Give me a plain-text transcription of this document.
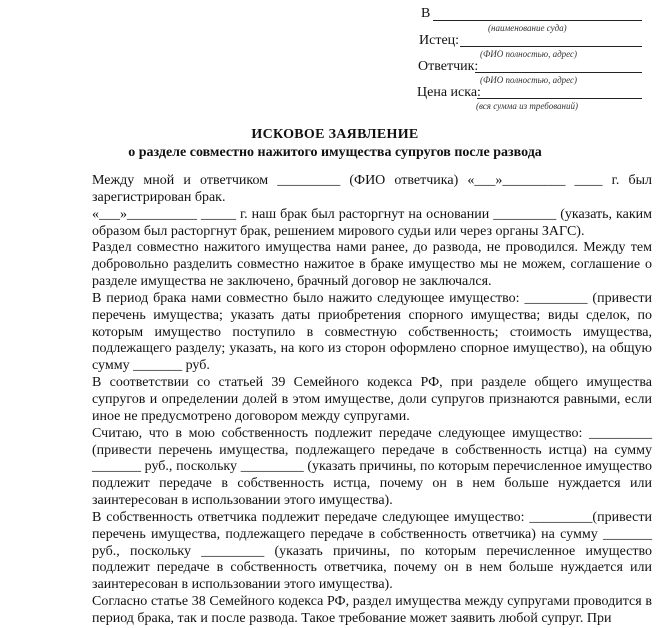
В
(наименование суда)
Истец:
(ФИО полностью, адрес)
Ответчик:
(ФИО полностью, адрес)
Цена иска:
(вся сумма из требований)
ИСКОВОЕ ЗАЯВЛЕНИЕ
о разделе совместно нажитого имущества супругов после развода

Между мной и ответчиком _________ (ФИО ответчика) «___»_________ ____ г. был зарегистрирован брак.

«___»__________ _____ г. наш брак был расторгнут на основании _________ (указать, каким образом был расторгнут брак, решением мирового судьи или через органы ЗАГС).

Раздел совместно нажитого имущества нами ранее, до развода, не проводился. Между тем добровольно разделить совместно нажитое в браке имущество мы не можем, соглашение о разделе имущества не заключено, брачный договор не заключался.

В период брака нами совместно было нажито следующее имущество: _________ (привести перечень имущества; указать даты приобретения спорного имущества; виды сделок, по которым имущество поступило в совместную собственность; стоимость имущества, подлежащего разделу; указать, на кого из сторон оформлено спорное имущество), на общую сумму _______ руб.

В соответствии со статьей 39 Семейного кодекса РФ, при разделе общего имущества супругов и определении долей в этом имуществе, доли супругов признаются равными, если иное не предусмотрено договором между супругами.

Считаю, что в мою собственность подлежит передаче следующее имущество: _________ (привести перечень имущества, подлежащего передаче в собственность истца) на сумму _______ руб., поскольку _________ (указать причины, по которым перечисленное имущество подлежит передаче в собственность истца, почему он в нем больше нуждается или заинтересован в использовании этого имущества).

В собственность ответчика подлежит передаче следующее имущество: _________(привести перечень имущества, подлежащего передаче в собственность ответчика) на сумму _______ руб., поскольку _________ (указать причины, по которым перечисленное имущество подлежит передаче в собственность ответчика, почему он в нем больше нуждается или заинтересован в использовании этого имущества).

Согласно статье 38 Семейного кодекса РФ, раздел имущества между супругами проводится в период брака, так и после развода. Такое требование может заявить любой супруг. При
